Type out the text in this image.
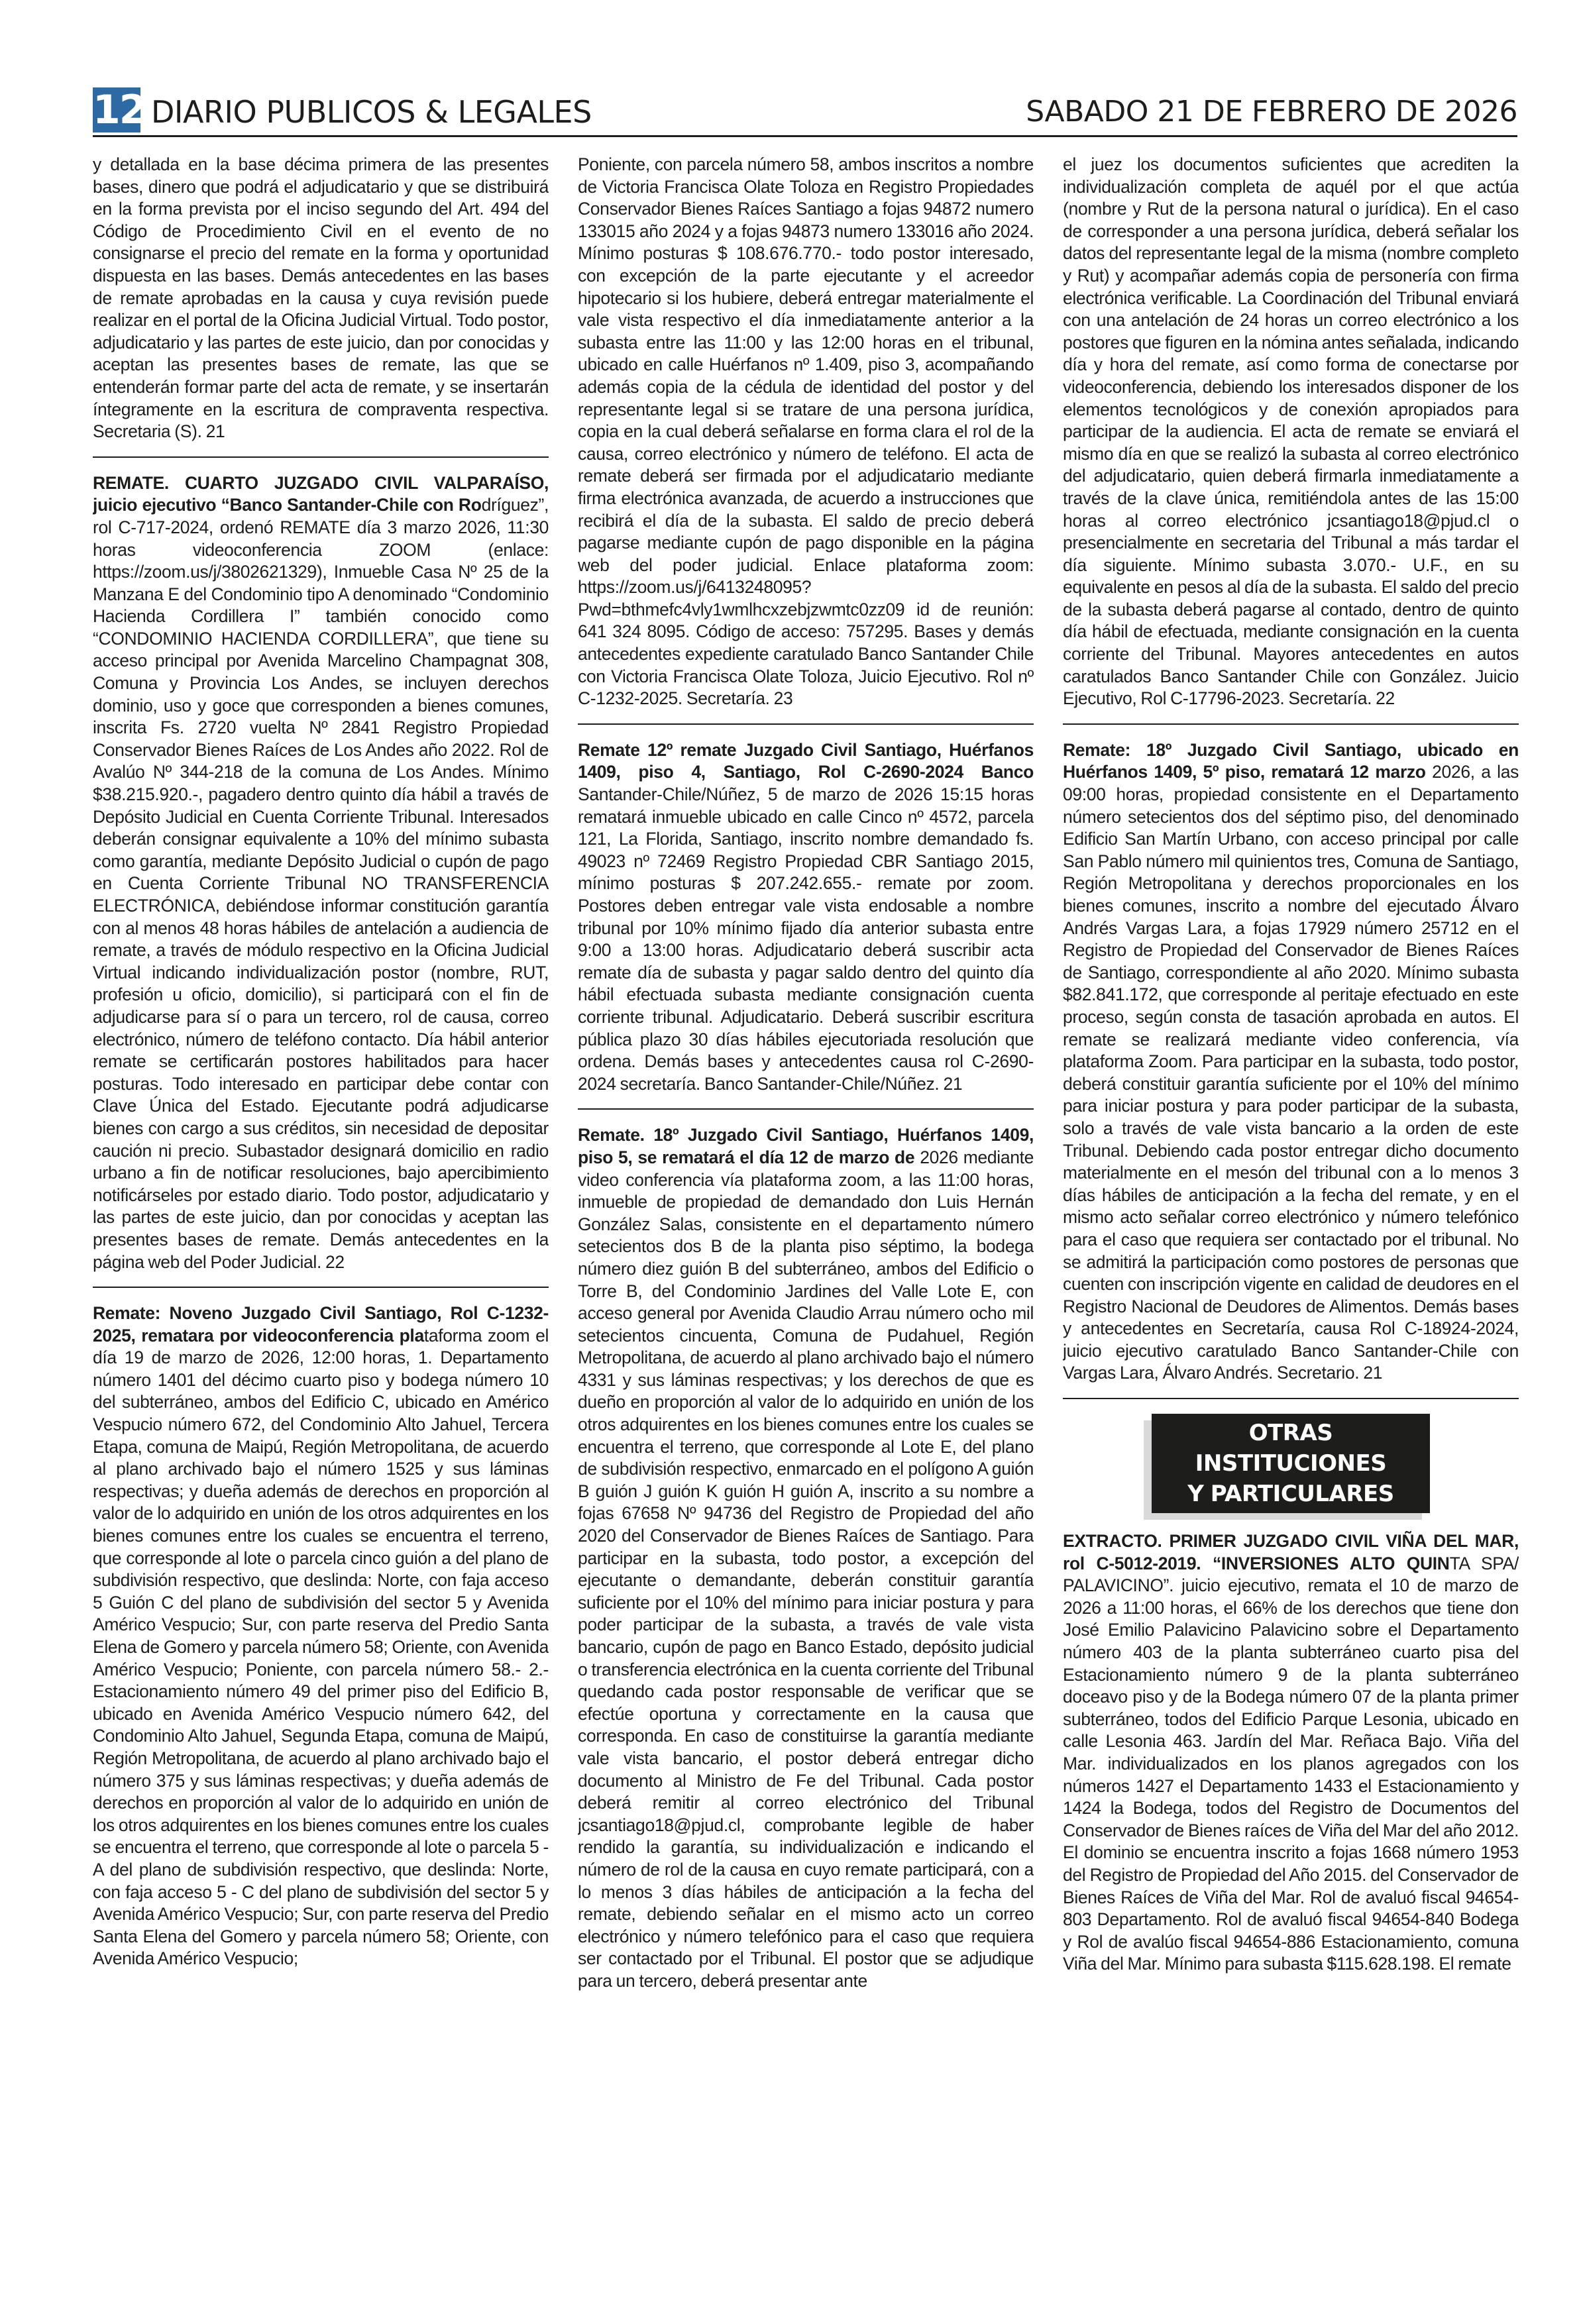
12 DIARIO PUBLICOS & LEGALES	SABADO 21 DE FEBRERO DE 2026

y detallada en la base décima primera de las presentes bases, dinero que podrá el adjudicatario y que se distribuirá en la forma prevista por el inciso segundo del Art. 494 del Código de Procedimiento Civil en el evento de no consignarse el precio del remate en la forma y oportunidad dispuesta en las bases. Demás antecedentes en las bases de remate aprobadas en la causa y cuya revisión puede realizar en el portal de la Oficina Judicial Virtual. Todo postor, adjudicatario y las partes de este juicio, dan por conocidas y aceptan las presentes bases de remate, las que se entenderán formar parte del acta de remate, y se insertarán íntegramente en la escritura de compraventa respectiva. Secretaria (S). 21

REMATE. CUARTO JUZGADO CIVIL VALPARAÍSO, juicio ejecutivo “Banco Santander-Chile con Rodríguez”, rol C-717-2024, ordenó REMATE día 3 marzo 2026, 11:30 horas videoconferencia ZOOM (enlace: https://zoom.us/j/3802621329), Inmueble Casa Nº 25 de la Manzana E del Condominio tipo A denominado “Condominio Hacienda Cordillera I” también conocido como “CONDOMINIO HACIENDA CORDILLERA”, que tiene su acceso principal por Avenida Marcelino Champagnat 308, Comuna y Provincia Los Andes, se incluyen derechos dominio, uso y goce que corresponden a bienes comunes, inscrita Fs. 2720 vuelta Nº 2841 Registro Propiedad Conservador Bienes Raíces de Los Andes año 2022. Rol de Avalúo Nº 344-218 de la comuna de Los Andes. Mínimo $38.215.920.-, pagadero dentro quinto día hábil a través de Depósito Judicial en Cuenta Corriente Tribunal. Interesados deberán consignar equivalente a 10% del mínimo subasta como garantía, mediante Depósito Judicial o cupón de pago en Cuenta Corriente Tribunal NO TRANSFERENCIA ELECTRÓNICA, debiéndose informar constitución garantía con al menos 48 horas hábiles de antelación a audiencia de remate, a través de módulo respectivo en la Oficina Judicial Virtual indicando individualización postor (nombre, RUT, profesión u oficio, domicilio), si participará con el fin de adjudicarse para sí o para un tercero, rol de causa, correo electrónico, número de teléfono contacto. Día hábil anterior remate se certificarán postores habilitados para hacer posturas. Todo interesado en participar debe contar con Clave Única del Estado. Ejecutante podrá adjudicarse bienes con cargo a sus créditos, sin necesidad de depositar caución ni precio. Subastador designará domicilio en radio urbano a fin de notificar resoluciones, bajo apercibimiento notificárseles por estado diario. Todo postor, adjudicatario y las partes de este juicio, dan por conocidas y aceptan las presentes bases de remate. Demás antecedentes en la página web del Poder Judicial. 22

Remate: Noveno Juzgado Civil Santiago, Rol C-1232-2025, rematara por videoconferencia plataforma zoom el día 19 de marzo de 2026, 12:00 horas, 1. Departamento número 1401 del décimo cuarto piso y bodega número 10 del subterráneo, ambos del Edificio C, ubicado en Américo Vespucio número 672, del Condominio Alto Jahuel, Tercera Etapa, comuna de Maipú, Región Metropolitana, de acuerdo al plano archivado bajo el número 1525 y sus láminas respectivas; y dueña además de derechos en proporción al valor de lo adquirido en unión de los otros adquirentes en los bienes comunes entre los cuales se encuentra el terreno, que corresponde al lote o parcela cinco guión a del plano de subdivisión respectivo, que deslinda: Norte, con faja acceso 5 Guión C del plano de subdivisión del sector 5 y Avenida Américo Vespucio; Sur, con parte reserva del Predio Santa Elena de Gomero y parcela número 58; Oriente, con Avenida Américo Vespucio; Poniente, con parcela número 58.- 2.- Estacionamiento número 49 del primer piso del Edificio B, ubicado en Avenida Américo Vespucio número 642, del Condominio Alto Jahuel, Segunda Etapa, comuna de Maipú, Región Metropolitana, de acuerdo al plano archivado bajo el número 375 y sus láminas respectivas; y dueña además de derechos en proporción al valor de lo adquirido en unión de los otros adquirentes en los bienes comunes entre los cuales se encuentra el terreno, que corresponde al lote o parcela 5 - A del plano de subdivisión respectivo, que deslinda: Norte, con faja acceso 5 - C del plano de subdivisión del sector 5 y Avenida Américo Vespucio; Sur, con parte reserva del Predio Santa Elena del Gomero y parcela número 58; Oriente, con Avenida Américo Vespucio;

Poniente, con parcela número 58, ambos inscritos a nombre de Victoria Francisca Olate Toloza en Registro Propiedades Conservador Bienes Raíces Santiago a fojas 94872 numero 133015 año 2024 y a fojas 94873 numero 133016 año 2024. Mínimo posturas $ 108.676.770.- todo postor interesado, con excepción de la parte ejecutante y el acreedor hipotecario si los hubiere, deberá entregar materialmente el vale vista respectivo el día inmediatamente anterior a la subasta entre las 11:00 y las 12:00 horas en el tribunal, ubicado en calle Huérfanos nº 1.409, piso 3, acompañando además copia de la cédula de identidad del postor y del representante legal si se tratare de una persona jurídica, copia en la cual deberá señalarse en forma clara el rol de la causa, correo electrónico y número de teléfono. El acta de remate deberá ser firmada por el adjudicatario mediante firma electrónica avanzada, de acuerdo a instrucciones que recibirá el día de la subasta. El saldo de precio deberá pagarse mediante cupón de pago disponible en la página web del poder judicial. Enlace plataforma zoom: https://zoom.us/j/6413248095?Pwd=bthmefc4vly1wmlhcxzebjzwmtc0zz09 id de reunión: 641 324 8095. Código de acceso: 757295. Bases y demás antecedentes expediente caratulado Banco Santander Chile con Victoria Francisca Olate Toloza, Juicio Ejecutivo. Rol nº C-1232-2025. Secretaría. 23

Remate 12º remate Juzgado Civil Santiago, Huérfanos 1409, piso 4, Santiago, Rol C-2690-2024 Banco Santander-Chile/Núñez, 5 de marzo de 2026 15:15 horas rematará inmueble ubicado en calle Cinco nº 4572, parcela 121, La Florida, Santiago, inscrito nombre demandado fs. 49023 nº 72469 Registro Propiedad CBR Santiago 2015, mínimo posturas $ 207.242.655.- remate por zoom. Postores deben entregar vale vista endosable a nombre tribunal por 10% mínimo fijado día anterior subasta entre 9:00 a 13:00 horas. Adjudicatario deberá suscribir acta remate día de subasta y pagar saldo dentro del quinto día hábil efectuada subasta mediante consignación cuenta corriente tribunal. Adjudicatario. Deberá suscribir escritura pública plazo 30 días hábiles ejecutoriada resolución que ordena. Demás bases y antecedentes causa rol C-2690-2024 secretaría. Banco Santander-Chile/Núñez. 21

Remate. 18º Juzgado Civil Santiago, Huérfanos 1409, piso 5, se rematará el día 12 de marzo de 2026 mediante video conferencia vía plataforma zoom, a las 11:00 horas, inmueble de propiedad de demandado don Luis Hernán González Salas, consistente en el departamento número setecientos dos B de la planta piso séptimo, la bodega número diez guión B del subterráneo, ambos del Edificio o Torre B, del Condominio Jardines del Valle Lote E, con acceso general por Avenida Claudio Arrau número ocho mil setecientos cincuenta, Comuna de Pudahuel, Región Metropolitana, de acuerdo al plano archivado bajo el número 4331 y sus láminas respectivas; y los derechos de que es dueño en proporción al valor de lo adquirido en unión de los otros adquirentes en los bienes comunes entre los cuales se encuentra el terreno, que corresponde al Lote E, del plano de subdivisión respectivo, enmarcado en el polígono A guión B guión J guión K guión H guión A, inscrito a su nombre a fojas 67658 Nº 94736 del Registro de Propiedad del año 2020 del Conservador de Bienes Raíces de Santiago. Para participar en la subasta, todo postor, a excepción del ejecutante o demandante, deberán constituir garantía suficiente por el 10% del mínimo para iniciar postura y para poder participar de la subasta, a través de vale vista bancario, cupón de pago en Banco Estado, depósito judicial o transferencia electrónica en la cuenta corriente del Tribunal quedando cada postor responsable de verificar que se efectúe oportuna y correctamente en la causa que corresponda. En caso de constituirse la garantía mediante vale vista bancario, el postor deberá entregar dicho documento al Ministro de Fe del Tribunal. Cada postor deberá remitir al correo electrónico del Tribunal jcsantiago18@pjud.cl, comprobante legible de haber rendido la garantía, su individualización e indicando el número de rol de la causa en cuyo remate participará, con a lo menos 3 días hábiles de anticipación a la fecha del remate, debiendo señalar en el mismo acto un correo electrónico y número telefónico para el caso que requiera ser contactado por el Tribunal. El postor que se adjudique para un tercero, deberá presentar ante

el juez los documentos suficientes que acrediten la individualización completa de aquél por el que actúa (nombre y Rut de la persona natural o jurídica). En el caso de corresponder a una persona jurídica, deberá señalar los datos del representante legal de la misma (nombre completo y Rut) y acompañar además copia de personería con firma electrónica verificable. La Coordinación del Tribunal enviará con una antelación de 24 horas un correo electrónico a los postores que figuren en la nómina antes señalada, indicando día y hora del remate, así como forma de conectarse por videoconferencia, debiendo los interesados disponer de los elementos tecnológicos y de conexión apropiados para participar de la audiencia. El acta de remate se enviará el mismo día en que se realizó la subasta al correo electrónico del adjudicatario, quien deberá firmarla inmediatamente a través de la clave única, remitiéndola antes de las 15:00 horas al correo electrónico jcsantiago18@pjud.cl o presencialmente en secretaria del Tribunal a más tardar el día siguiente. Mínimo subasta 3.070.- U.F., en su equivalente en pesos al día de la subasta. El saldo del precio de la subasta deberá pagarse al contado, dentro de quinto día hábil de efectuada, mediante consignación en la cuenta corriente del Tribunal. Mayores antecedentes en autos caratulados Banco Santander Chile con González. Juicio Ejecutivo, Rol C-17796-2023. Secretaría. 22

Remate: 18º Juzgado Civil Santiago, ubicado en Huérfanos 1409, 5º piso, rematará 12 marzo 2026, a las 09:00 horas, propiedad consistente en el Departamento número setecientos dos del séptimo piso, del denominado Edificio San Martín Urbano, con acceso principal por calle San Pablo número mil quinientos tres, Comuna de Santiago, Región Metropolitana y derechos proporcionales en los bienes comunes, inscrito a nombre del ejecutado Álvaro Andrés Vargas Lara, a fojas 17929 número 25712 en el Registro de Propiedad del Conservador de Bienes Raíces de Santiago, correspondiente al año 2020. Mínimo subasta $82.841.172, que corresponde al peritaje efectuado en este proceso, según consta de tasación aprobada en autos. El remate se realizará mediante video conferencia, vía plataforma Zoom. Para participar en la subasta, todo postor, deberá constituir garantía suficiente por el 10% del mínimo para iniciar postura y para poder participar de la subasta, solo a través de vale vista bancario a la orden de este Tribunal. Debiendo cada postor entregar dicho documento materialmente en el mesón del tribunal con a lo menos 3 días hábiles de anticipación a la fecha del remate, y en el mismo acto señalar correo electrónico y número telefónico para el caso que requiera ser contactado por el tribunal. No se admitirá la participación como postores de personas que cuenten con inscripción vigente en calidad de deudores en el Registro Nacional de Deudores de Alimentos. Demás bases y antecedentes en Secretaría, causa Rol C-18924-2024, juicio ejecutivo caratulado Banco Santander-Chile con Vargas Lara, Álvaro Andrés. Secretario. 21

OTRAS INSTITUCIONES
Y PARTICULARES

EXTRACTO. PRIMER JUZGADO CIVIL VIÑA DEL MAR, rol C-5012-2019. “INVERSIONES ALTO QUINTA SPA/ PALAVICINO”. juicio ejecutivo, remata el 10 de marzo de 2026 a 11:00 horas, el 66% de los derechos que tiene don José Emilio Palavicino Palavicino sobre el Departamento número 403 de la planta subterráneo cuarto pisa del Estacionamiento número 9 de la planta subterráneo doceavo piso y de la Bodega número 07 de la planta primer subterráneo, todos del Edificio Parque Lesonia, ubicado en calle Lesonia 463. Jardín del Mar. Reñaca Bajo. Viña del Mar. individualizados en los planos agregados con los números 1427 el Departamento 1433 el Estacionamiento y 1424 la Bodega, todos del Registro de Documentos del Conservador de Bienes raíces de Viña del Mar del año 2012. El dominio se encuentra inscrito a fojas 1668 número 1953 del Registro de Propiedad del Año 2015. del Conservador de Bienes Raíces de Viña del Mar. Rol de avaluó fiscal 94654-803 Departamento. Rol de avaluó fiscal 94654-840 Bodega y Rol de avalúo fiscal 94654-886 Estacionamiento, comuna Viña del Mar. Mínimo para subasta $115.628.198. El remate
